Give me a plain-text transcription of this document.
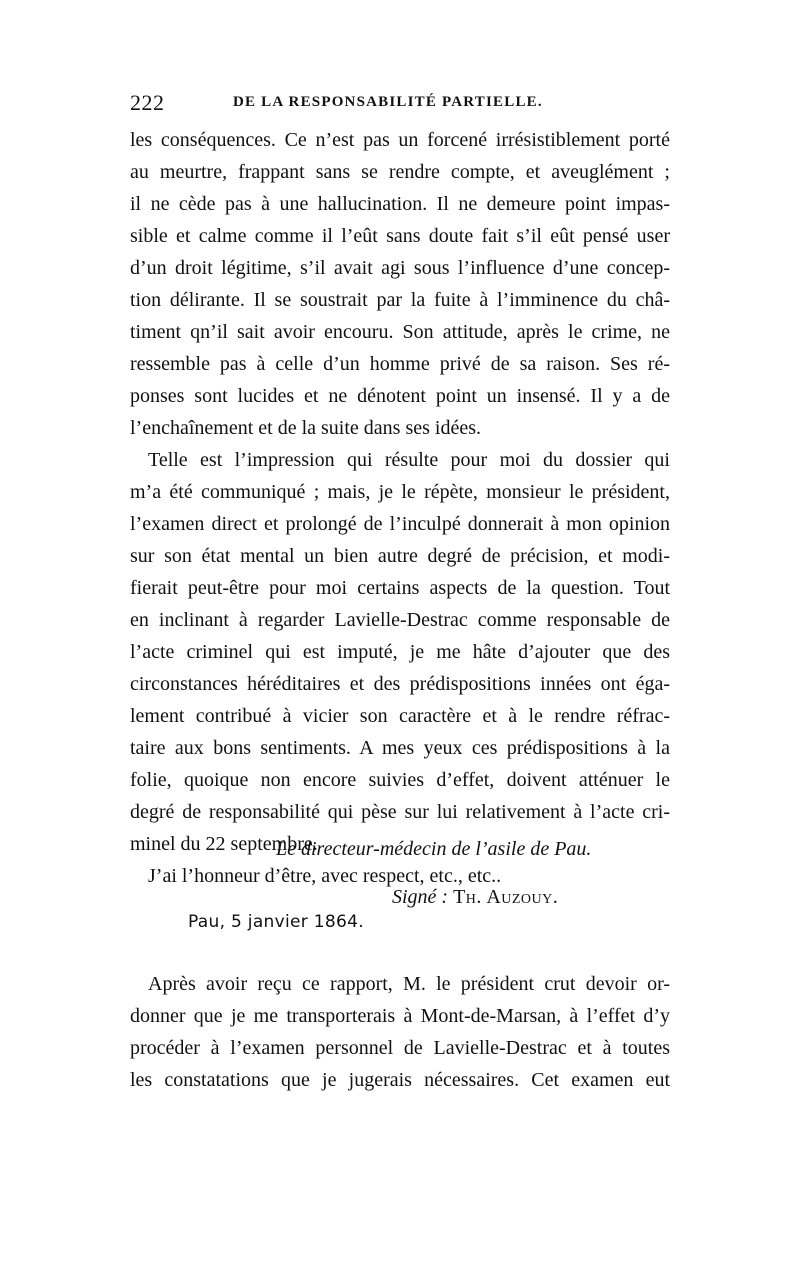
222	DE LA RESPONSABILITÉ PARTIELLE.
les conséquences. Ce n’est pas un forcené irrésistiblement porté
au meurtre, frappant sans se rendre compte, et aveuglément ;
il ne cède pas à une hallucination. Il ne demeure point impas-
sible et calme comme il l’eût sans doute fait s’il eût pensé user
d’un droit légitime, s’il avait agi sous l’influence d’une concep-
tion délirante. Il se soustrait par la fuite à l’imminence du châ-
timent qn’il sait avoir encouru. Son attitude, après le crime, ne
ressemble pas à celle d’un homme privé de sa raison. Ses ré-
ponses sont lucides et ne dénotent point un insensé. Il y a de
l’enchaînement et de la suite dans ses idées.
Telle est l’impression qui résulte pour moi du dossier qui
m’a été communiqué ; mais, je le répète, monsieur le président,
l’examen direct et prolongé de l’inculpé donnerait à mon opinion
sur son état mental un bien autre degré de précision, et modi-
fierait peut-être pour moi certains aspects de la question. Tout
en inclinant à regarder Lavielle-Destrac comme responsable de
l’acte criminel qui est imputé, je me hâte d’ajouter que des
circonstances héréditaires et des prédispositions innées ont éga-
lement contribué à vicier son caractère et à le rendre réfrac-
taire aux bons sentiments. A mes yeux ces prédispositions à la
folie, quoique non encore suivies d’effet, doivent atténuer le
degré de responsabilité qui pèse sur lui relativement à l’acte cri-
minel du 22 septembre.
J’ai l’honneur d’être, avec respect, etc., etc..
Le directeur-médecin de l’asile de Pau.
Signé : Th. Auzouy.
Pau, 5 janvier 1864.
Après avoir reçu ce rapport, M. le président crut devoir or-
donner que je me transporterais à Mont-de-Marsan, à l’effet d’y
procéder à l’examen personnel de Lavielle-Destrac et à toutes
les constatations que je jugerais nécessaires. Cet examen eut
